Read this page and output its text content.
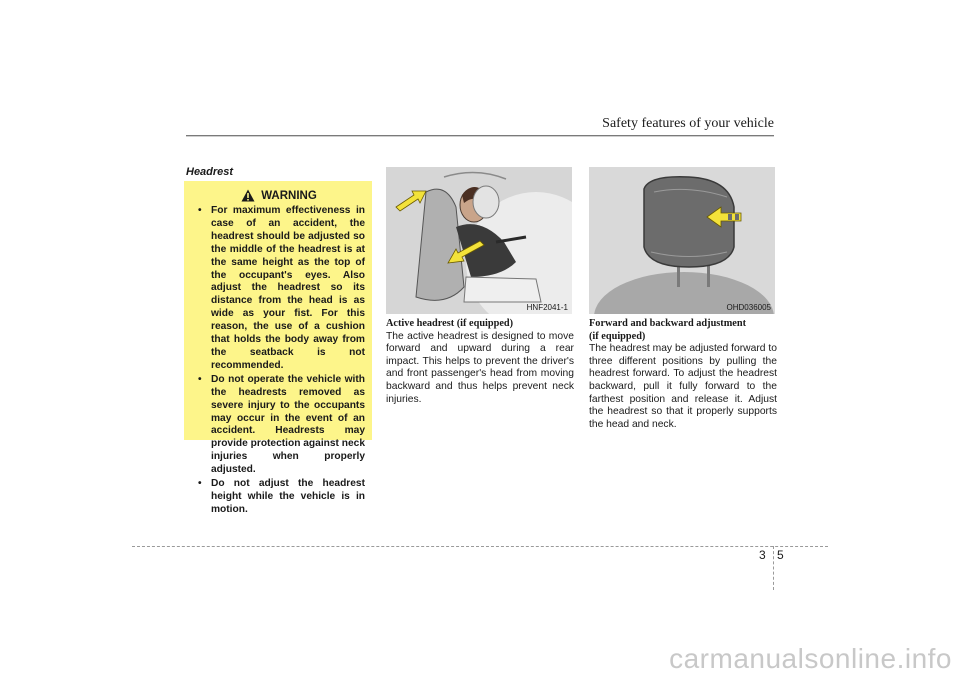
Safety features of your vehicle
Headrest
WARNING
• For maximum effectiveness in case of an accident, the headrest should be adjusted so the middle of the headrest is at the same height as the top of the occupant's eyes. Also adjust the headrest so its distance from the head is as wide as your fist. For this reason, the use of a cushion that holds the body away from the seatback is not recommended.
• Do not operate the vehicle with the headrests removed as severe injury to the occupants may occur in the event of an accident. Headrests may provide protection against neck injuries when properly adjusted.
• Do not adjust the headrest height while the vehicle is in motion.
HNF2041-1	OHD036005
Active headrest (if equipped)

The active headrest is designed to move forward and upward during a rear impact. This helps to prevent the driver's and front passenger's head from moving backward and thus helps prevent neck injuries.

Forward and backward adjustment
(if equipped)

The headrest may be adjusted forward to three different positions by pulling the headrest forward. To adjust the headrest backward, pull it fully forward to the farthest position and release it. Adjust the headrest so that it properly supports the head and neck.

3 5
carmanualsonline.info
